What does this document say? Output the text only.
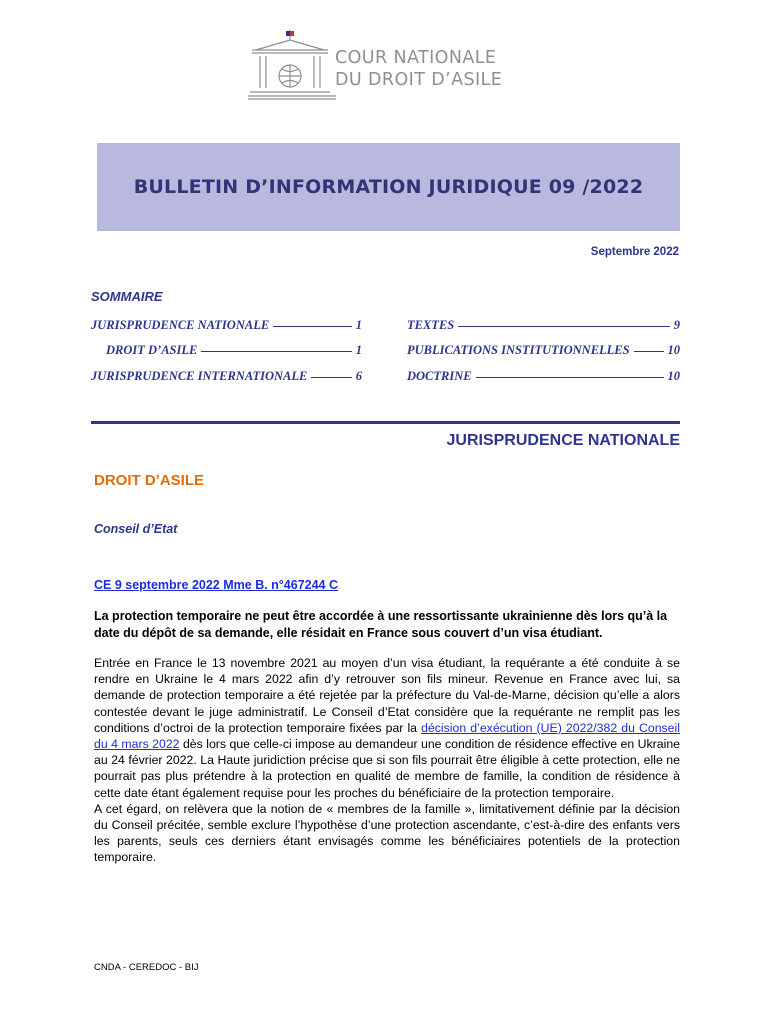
COUR NATIONALE
DU DROIT D’ASILE
BULLETIN D’INFORMATION JURIDIQUE 09 /2022
Septembre 2022
SOMMAIRE
JURISPRUDENCE NATIONALE	1
DROIT D’ASILE	1
JURISPRUDENCE INTERNATIONALE	6
TEXTES	9
PUBLICATIONS INSTITUTIONNELLES	10
DOCTRINE	10
JURISPRUDENCE NATIONALE
DROIT D’ASILE
Conseil d’Etat
CE 9 septembre 2022 Mme B. n°467244 C
La protection temporaire ne peut être accordée à une ressortissante ukrainienne dès lors qu’à la date du dépôt de sa demande, elle résidait en France sous couvert d’un visa étudiant.

Entrée en France le 13 novembre 2021 au moyen d’un visa étudiant, la requérante a été conduite à se rendre en Ukraine le 4 mars 2022 afin d’y retrouver son fils mineur. Revenue en France avec lui, sa demande de protection temporaire a été rejetée par la préfecture du Val-de-Marne, décision qu’elle a alors contestée devant le juge administratif. Le Conseil d’Etat considère que la requérante ne remplit pas les conditions d’octroi de la protection temporaire fixées par la décision d’exécution (UE) 2022/382 du Conseil du 4 mars 2022 dès lors que celle-ci impose au demandeur une condition de résidence effective en Ukraine au 24 février 2022. La Haute juridiction précise que si son fils pourrait être éligible à cette protection, elle ne pourrait pas plus prétendre à la protection en qualité de membre de famille, la condition de résidence à cette date étant également requise pour les proches du bénéficiaire de la protection temporaire.

A cet égard, on relèvera que la notion de « membres de la famille », limitativement définie par la décision du Conseil précitée, semble exclure l’hypothèse d’une protection ascendante, c’est-à-dire des enfants vers les parents, seuls ces derniers étant envisagés comme les bénéficiaires potentiels de la protection temporaire.

CNDA - CEREDOC - BIJ
